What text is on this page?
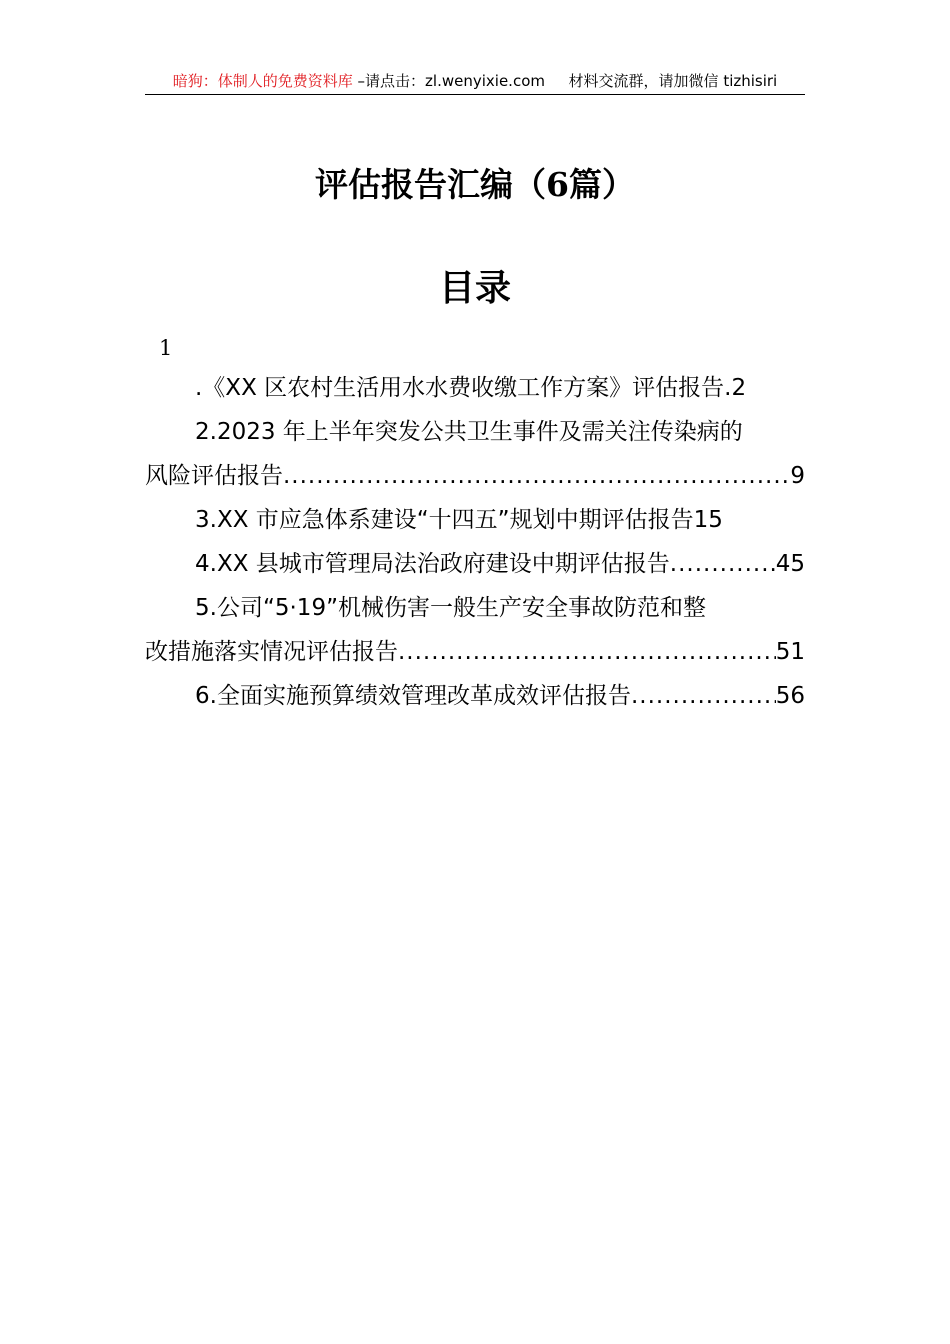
暗狗：体制人的免费资料库 –请点击：zl.wenyixie.com 材料交流群，请加微信 tizhisiri
评估报告汇编（6篇）
目录
1
.《XX 区农村生活用水水费收缴工作方案》评估报告. 2
2.2023 年上半年突发公共卫生事件及需关注传染病的
风险评估报告 .....	9
3.XX 市应急体系建设“十四五”规划中期评估报告 15
4.XX 县城市管理局法治政府建设中期评估报告 .....	45
5.公司“5·19”机械伤害一般生产安全事故防范和整
改措施落实情况评估报告 .....	51
6.全面实施预算绩效管理改革成效评估报告 .....	56
